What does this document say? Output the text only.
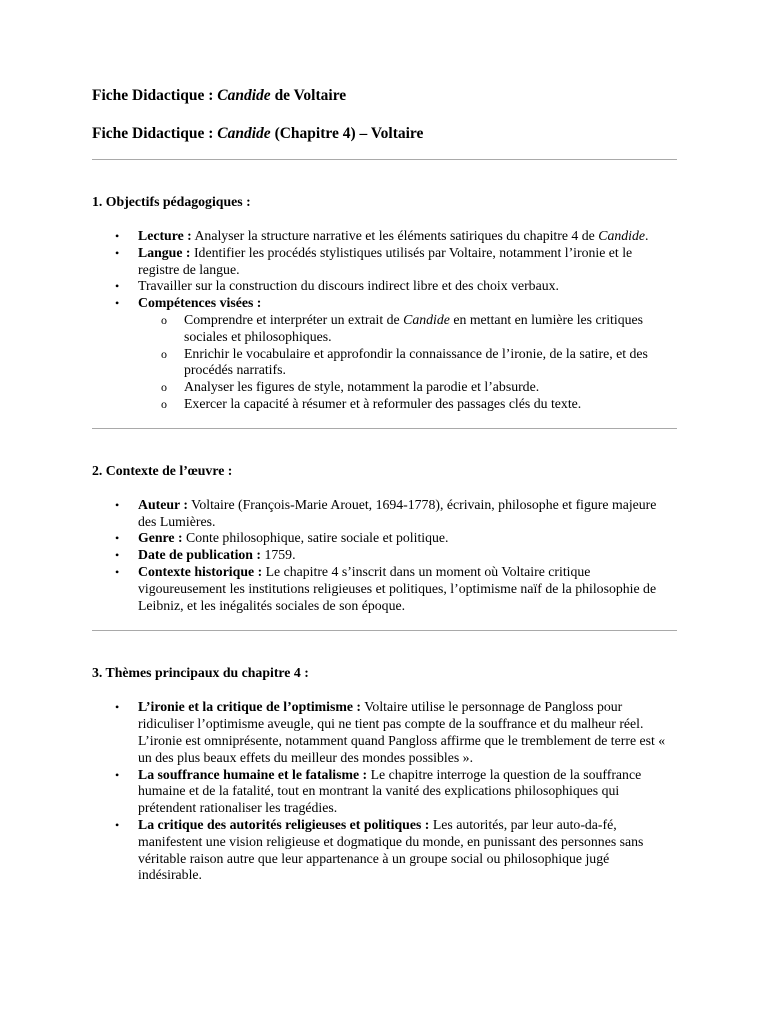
Fiche Didactique : Candide de Voltaire

Fiche Didactique : Candide (Chapitre 4) – Voltaire

1. Objectifs pédagogiques :

• Lecture : Analyser la structure narrative et les éléments satiriques du chapitre 4 de Candide.
• Langue : Identifier les procédés stylistiques utilisés par Voltaire, notamment l’ironie et le registre de langue.
• Travailler sur la construction du discours indirect libre et des choix verbaux.
• Compétences visées :
o Comprendre et interpréter un extrait de Candide en mettant en lumière les critiques sociales et philosophiques.
o Enrichir le vocabulaire et approfondir la connaissance de l’ironie, de la satire, et des procédés narratifs.
o Analyser les figures de style, notamment la parodie et l’absurde.
o Exercer la capacité à résumer et à reformuler des passages clés du texte.

2. Contexte de l’œuvre :

• Auteur : Voltaire (François-Marie Arouet, 1694-1778), écrivain, philosophe et figure majeure des Lumières.
• Genre : Conte philosophique, satire sociale et politique.
• Date de publication : 1759.
• Contexte historique : Le chapitre 4 s’inscrit dans un moment où Voltaire critique vigoureusement les institutions religieuses et politiques, l’optimisme naïf de la philosophie de Leibniz, et les inégalités sociales de son époque.

3. Thèmes principaux du chapitre 4 :

• L’ironie et la critique de l’optimisme : Voltaire utilise le personnage de Pangloss pour ridiculiser l’optimisme aveugle, qui ne tient pas compte de la souffrance et du malheur réel. L’ironie est omniprésente, notamment quand Pangloss affirme que le tremblement de terre est « un des plus beaux effets du meilleur des mondes possibles ».
• La souffrance humaine et le fatalisme : Le chapitre interroge la question de la souffrance humaine et de la fatalité, tout en montrant la vanité des explications philosophiques qui prétendent rationaliser les tragédies.
• La critique des autorités religieuses et politiques : Les autorités, par leur auto-da-fé, manifestent une vision religieuse et dogmatique du monde, en punissant des personnes sans véritable raison autre que leur appartenance à un groupe social ou philosophique jugé indésirable.
